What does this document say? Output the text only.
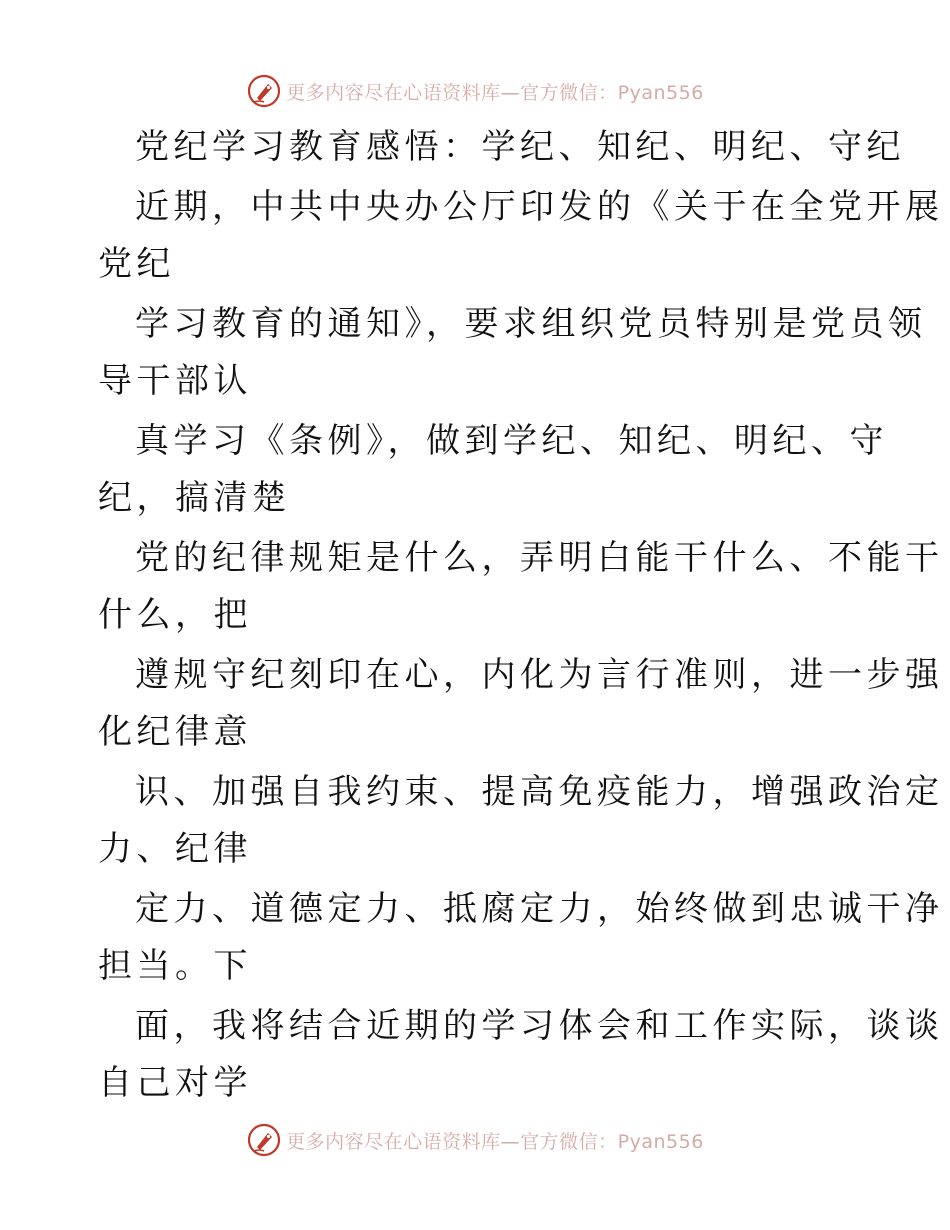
更多内容尽在心语资料库—官方微信：Pyan556
党纪学习教育感悟：学纪、知纪、明纪、守纪
近期，中共中央办公厅印发的《关于在全党开展
党纪
学习教育的通知》，要求组织党员特别是党员领
导干部认
真学习《条例》，做到学纪、知纪、明纪、守
纪，搞清楚
党的纪律规矩是什么，弄明白能干什么、不能干
什么，把
遵规守纪刻印在心，内化为言行准则，进一步强
化纪律意
识、加强自我约束、提高免疫能力，增强政治定
力、纪律
定力、道德定力、抵腐定力，始终做到忠诚干净
担当。下
面，我将结合近期的学习体会和工作实际，谈谈
自己对学
更多内容尽在心语资料库—官方微信：Pyan556
